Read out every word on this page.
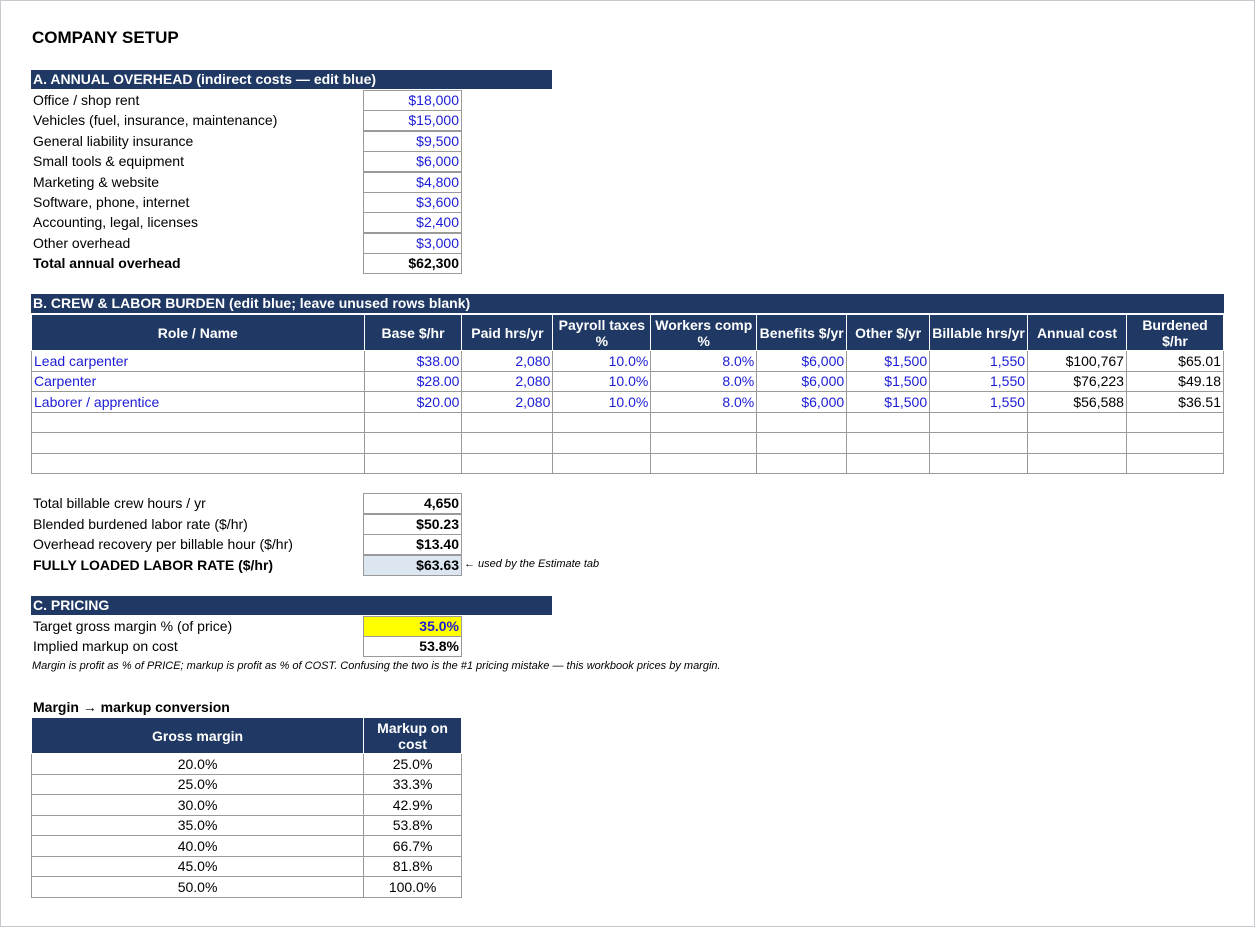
COMPANY SETUP
A. ANNUAL OVERHEAD (indirect costs — edit blue)
Office / shop rent	$18,000
Vehicles (fuel, insurance, maintenance)	$15,000
General liability insurance	$9,500
Small tools & equipment	$6,000
Marketing & website	$4,800
Software, phone, internet	$3,600
Accounting, legal, licenses	$2,400
Other overhead	$3,000
Total annual overhead	$62,300
B. CREW & LABOR BURDEN (edit blue; leave unused rows blank)
Role / Name	Base $/hr	Paid hrs/yr	Payroll taxes %	Workers comp %	Benefits $/yr	Other $/yr	Billable hrs/yr	Annual cost	Burdened $/hr
Lead carpenter	$38.00	2,080	10.0%	8.0%	$6,000	$1,500	1,550	$100,767	$65.01
Carpenter	$28.00	2,080	10.0%	8.0%	$6,000	$1,500	1,550	$76,223	$49.18
Laborer / apprentice	$20.00	2,080	10.0%	8.0%	$6,000	$1,500	1,550	$56,588	$36.51

Total billable crew hours / yr	4,650
Blended burdened labor rate ($/hr)	$50.23
Overhead recovery per billable hour ($/hr)	$13.40
FULLY LOADED LABOR RATE ($/hr)	$63.63 ← used by the Estimate tab
C. PRICING
Target gross margin % (of price)	35.0%
Implied markup on cost	53.8%
Margin is profit as % of PRICE; markup is profit as % of COST. Confusing the two is the #1 pricing mistake — this workbook prices by margin.
Margin → markup conversion
Gross margin	Markup on cost
20.0%	25.0%
25.0%	33.3%
30.0%	42.9%
35.0%	53.8%
40.0%	66.7%
45.0%	81.8%
50.0%	100.0%
